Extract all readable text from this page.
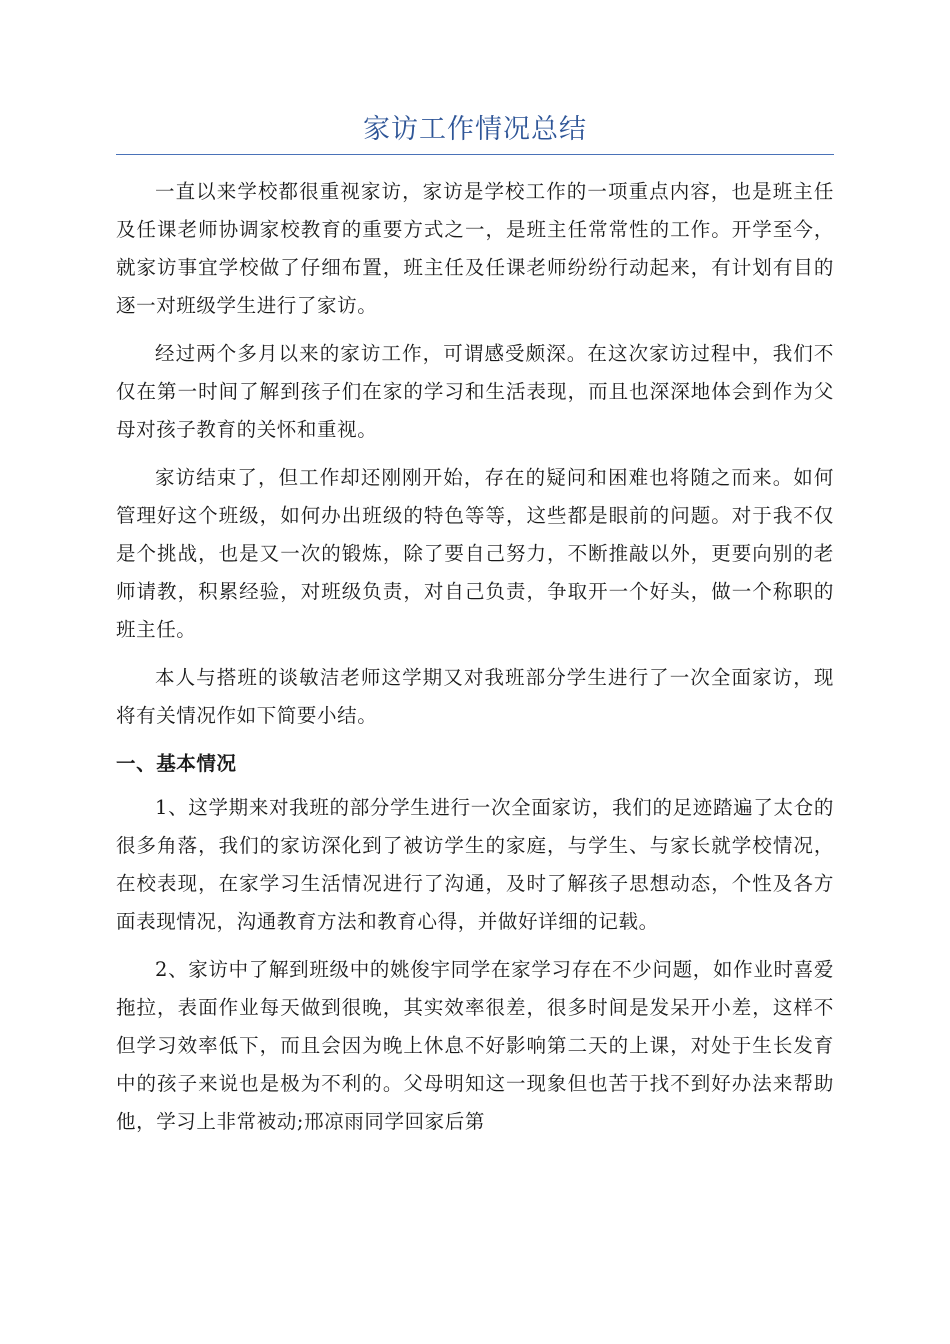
家访工作情况总结

一直以来学校都很重视家访，家访是学校工作的一项重点内容，也是班主任及任课老师协调家校教育的重要方式之一，是班主任常常性的工作。开学至今，就家访事宜学校做了仔细布置，班主任及任课老师纷纷行动起来，有计划有目的逐一对班级学生进行了家访。

经过两个多月以来的家访工作，可谓感受颇深。在这次家访过程中，我们不仅在第一时间了解到孩子们在家的学习和生活表现，而且也深深地体会到作为父母对孩子教育的关怀和重视。

家访结束了，但工作却还刚刚开始，存在的疑问和困难也将随之而来。如何管理好这个班级，如何办出班级的特色等等，这些都是眼前的问题。对于我不仅是个挑战，也是又一次的锻炼，除了要自己努力，不断推敲以外，更要向别的老师请教，积累经验，对班级负责，对自己负责，争取开一个好头，做一个称职的班主任。

本人与搭班的谈敏洁老师这学期又对我班部分学生进行了一次全面家访，现将有关情况作如下简要小结。

一、基本情况

1、这学期来对我班的部分学生进行一次全面家访，我们的足迹踏遍了太仓的很多角落，我们的家访深化到了被访学生的家庭，与学生、与家长就学校情况，在校表现，在家学习生活情况进行了沟通，及时了解孩子思想动态，个性及各方面表现情况，沟通教育方法和教育心得，并做好详细的记载。

2、家访中了解到班级中的姚俊宇同学在家学习存在不少问题，如作业时喜爱拖拉，表面作业每天做到很晚，其实效率很差，很多时间是发呆开小差，这样不但学习效率低下，而且会因为晚上休息不好影响第二天的上课，对处于生长发育中的孩子来说也是极为不利的。父母明知这一现象但也苦于找不到好办法来帮助他，学习上非常被动;邢凉雨同学回家后第
